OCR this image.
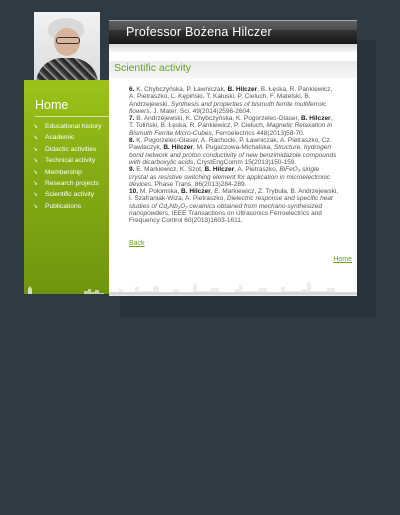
Professor Bożena Hilczer
Scientific activity

6. K. Chybczyńska, P. Ławniczak, B. Hilczer, B. Łęska, R. Pankiewicz, A. Pietraszko, L. Kępiński, T. Kałuski, P. Cieluch, F. Matelski, B. Andrzejewski, Synthesis and properties of bismuth ferrite multiferroic flowers, J. Mater. Sci. 49(2014)2596-2604.

7. B. Andrzejewski, K. Chybczyńska, K. Pogorzelec-Glaser, B. Hilczer, T. Toliński, B. Łęska, R. Pankiewicz, P. Cieluch, Magnetic Relaxation in Bismuth Ferrite Micro-Cubes, Ferroelectrics 448(2013)58-70.

8. K. Pogorzelec-Glaser, A. Rachocki, P. Ławniczak, A. Pietraszko, Cz. Pawlaczyk, B. Hilczer, M. Pugaczowa-Michalska, Structure, hydrogen bond network and proton conductivity of new benzimidazole compounds with dicarboxylic acids, CrystEngComm 15(2013)150-159.

9. E. Markiewicz, K. Szot, B. Hilczer, A. Pietraszko, BiFeO₃ single crystal as resistive switching element for application in microelectronic devices, Phase Trans. 86(2013)284-289.

10. M. Połomska, B. Hilczer, E. Markiewicz, Z. Trybuła, B. Andrzejewski, I. Szafraniak-Wiza, A. Pietraszko, Dielectric response and specific heat studies of Cd₂Nb₂O₇ ceramics obtained from mechano-synthesized nanopowders, IEEE Transactions on Ultrasonics Ferroelectrics and Frequency Control 60(2013)1603-1611.

Back
Home
Home
➘ Educational history
➘ Academic
➘ Didactic activities
➘ Technical activity
➘ Membership
➘ Research projects
➘ Scientific activity
➘ Publications
